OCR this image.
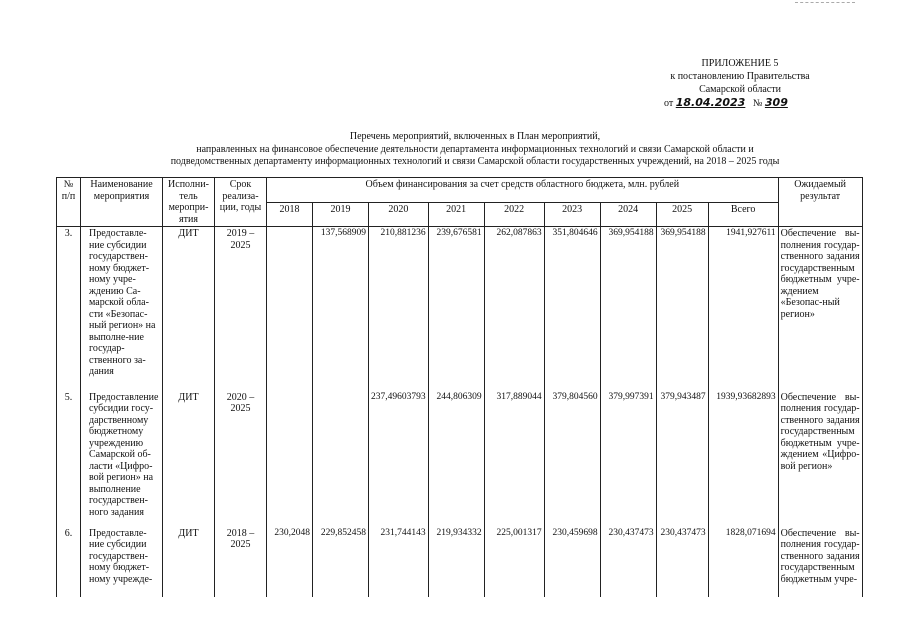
ПРИЛОЖЕНИЕ 5
к постановлению Правительства
Самарской области
от 18.04.2023 № 309
Перечень мероприятий, включенных в План мероприятий,
направленных на финансовое обеспечение деятельности департамента информационных технологий и связи Самарской области и
подведомственных департаменту информационных технологий и связи Самарской области государственных учреждений, на 2018 – 2025 годы
№ п/п	Наименование мероприятия	Исполни-тель меропри-ятия	Срок реализа-ции, годы	Объем финансирования за счет средств областного бюджета, млн. рублей									Ожидаемый результат
				2018	2019	2020	2021	2022	2023	2024	2025	Всего	
3.	Предоставле-ние субсидии государствен-ному бюджет-ному учре-ждению Са-марской обла-сти «Безопас-ный регион» на выполне-ние государ-ственного за-дания	ДИТ	2019 – 2025		137,568909	210,881236	239,676581	262,087863	351,804646	369,954188	369,954188	1941,927611	Обеспечение вы-полнения государ-ственного задания государственным бюджетным учре-ждением «Безопас-ный регион»
5.	Предоставление субсидии госу-дарственному бюджетному учреждению Самарской об-ласти «Цифро-вой регион» на выполнение государствен-ного задания	ДИТ	2020 – 2025			237,49603793	244,806309	317,889044	379,804560	379,997391	379,943487	1939,93682893	Обеспечение вы-полнения государ-ственного задания государственным бюджетным учре-ждением «Цифро-вой регион»
6.	Предоставле-ние субсидии государствен-ному бюджет-ному учрежде-	ДИТ	2018 – 2025	230,2048	229,852458	231,744143	219,934332	225,001317	230,459698	230,437473	230,437473	1828,071694	Обеспечение вы-полнения государ-ственного задания государственным бюджетным учре-
